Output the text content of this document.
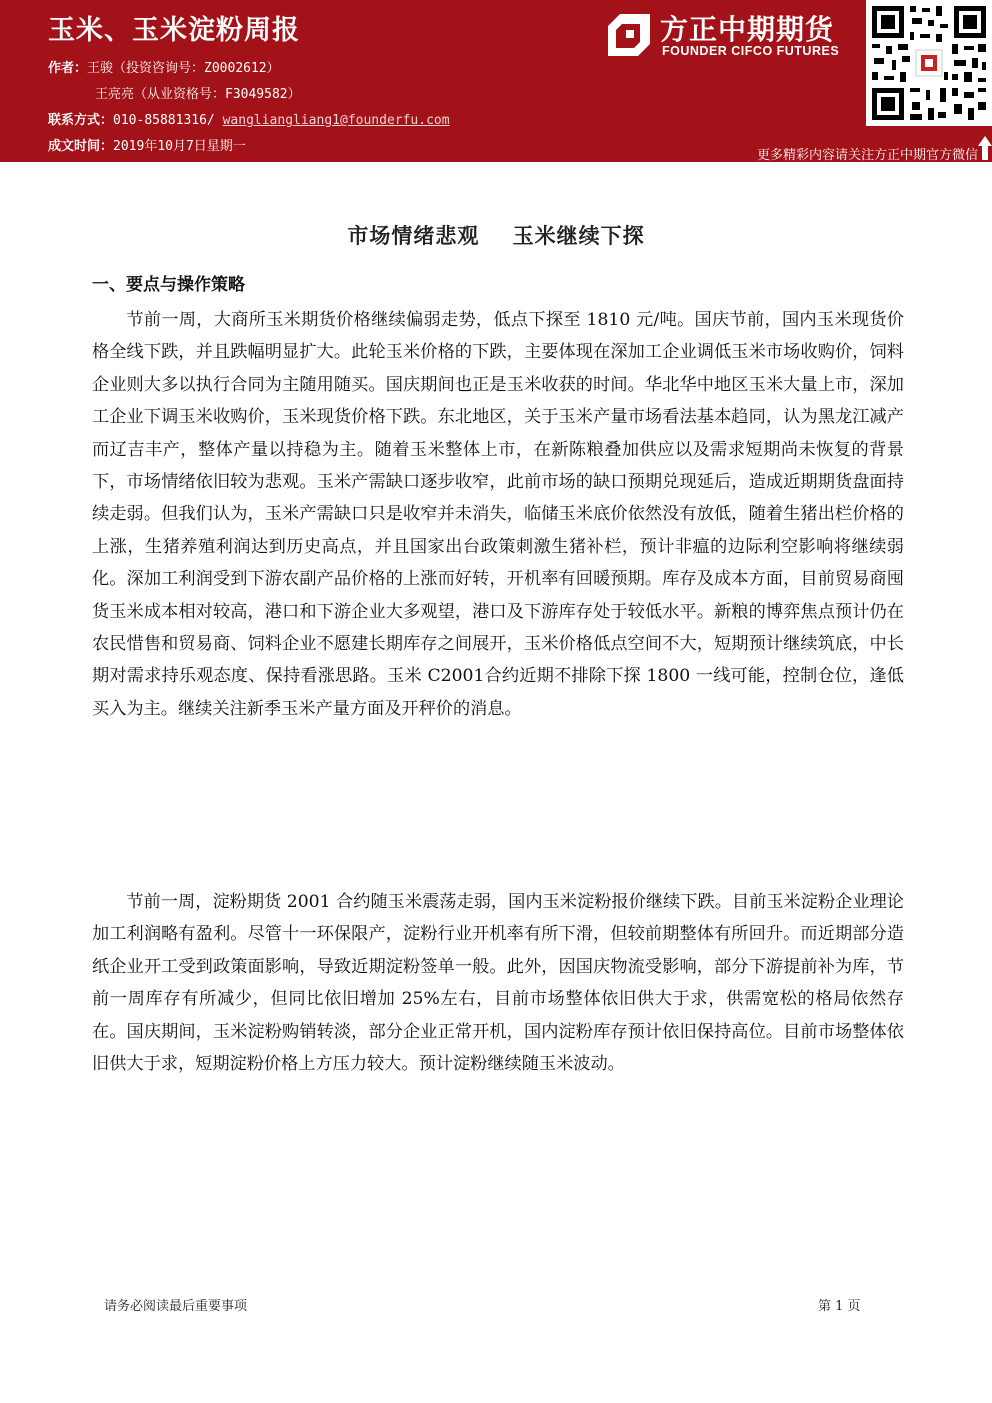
玉米、玉米淀粉周报
作者：王骏（投资咨询号：Z0002612）
王亮亮（从业资格号：F3049582）
联系方式：010-85881316/ wangliangliang1@founderfu.com
成文时间：2019年10月7日星期一
方正中期期货
FOUNDER CIFCO FUTURES
更多精彩内容请关注方正中期官方微信
市场情绪悲观    玉米继续下探
一、要点与操作策略
节前一周，大商所玉米期货价格继续偏弱走势，低点下探至 1810 元/吨。国庆节前，国内玉米现货价格全线下跌，并且跌幅明显扩大。此轮玉米价格的下跌，主要体现在深加工企业调低玉米市场收购价，饲料企业则大多以执行合同为主随用随买。国庆期间也正是玉米收获的时间。华北华中地区玉米大量上市，深加工企业下调玉米收购价，玉米现货价格下跌。东北地区，关于玉米产量市场看法基本趋同，认为黑龙江减产而辽吉丰产，整体产量以持稳为主。随着玉米整体上市，在新陈粮叠加供应以及需求短期尚未恢复的背景下，市场情绪依旧较为悲观。玉米产需缺口逐步收窄，此前市场的缺口预期兑现延后，造成近期期货盘面持续走弱。但我们认为，玉米产需缺口只是收窄并未消失，临储玉米底价依然没有放低，随着生猪出栏价格的上涨，生猪养殖利润达到历史高点，并且国家出台政策刺激生猪补栏，预计非瘟的边际利空影响将继续弱化。深加工利润受到下游农副产品价格的上涨而好转，开机率有回暖预期。库存及成本方面，目前贸易商囤货玉米成本相对较高，港口和下游企业大多观望，港口及下游库存处于较低水平。新粮的博弈焦点预计仍在农民惜售和贸易商、饲料企业不愿建长期库存之间展开，玉米价格低点空间不大，短期预计继续筑底，中长期对需求持乐观态度、保持看涨思路。玉米 C2001合约近期不排除下探 1800 一线可能，控制仓位，逢低买入为主。继续关注新季玉米产量方面及开秤价的消息。
节前一周，淀粉期货 2001 合约随玉米震荡走弱，国内玉米淀粉报价继续下跌。目前玉米淀粉企业理论加工利润略有盈利。尽管十一环保限产，淀粉行业开机率有所下滑，但较前期整体有所回升。而近期部分造纸企业开工受到政策面影响，导致近期淀粉签单一般。此外，因国庆物流受影响，部分下游提前补为库，节前一周库存有所减少，但同比依旧增加 25%左右，目前市场整体依旧供大于求，供需宽松的格局依然存在。国庆期间，玉米淀粉购销转淡，部分企业正常开机，国内淀粉库存预计依旧保持高位。目前市场整体依旧供大于求，短期淀粉价格上方压力较大。预计淀粉继续随玉米波动。
请务必阅读最后重要事项	第 1 页
